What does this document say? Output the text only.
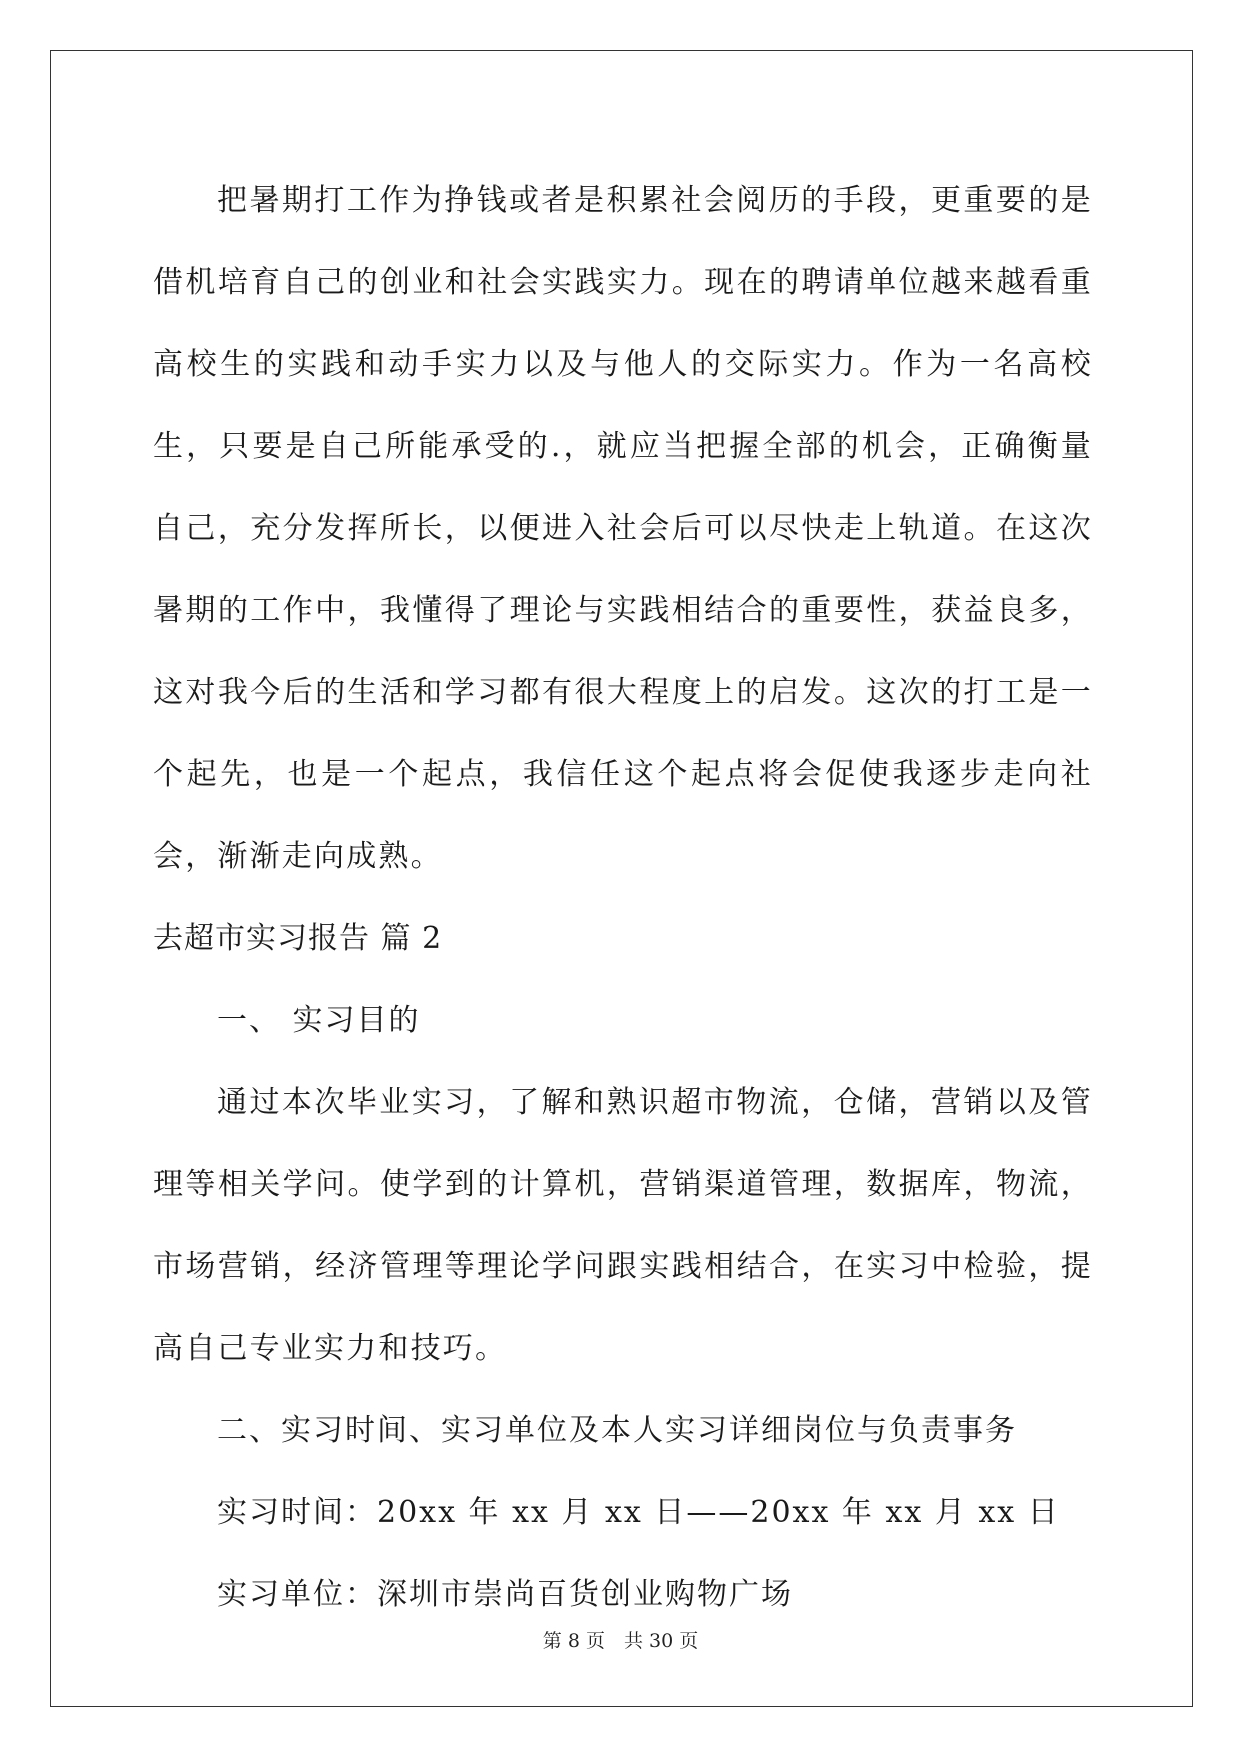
把暑期打工作为挣钱或者是积累社会阅历的手段，更重要的是借机培育自己的创业和社会实践实力。现在的聘请单位越来越看重高校生的实践和动手实力以及与他人的交际实力。作为一名高校生，只要是自己所能承受的.，就应当把握全部的机会，正确衡量自己，充分发挥所长，以便进入社会后可以尽快走上轨道。在这次暑期的工作中，我懂得了理论与实践相结合的重要性，获益良多，这对我今后的生活和学习都有很大程度上的启发。这次的打工是一个起先，也是一个起点，我信任这个起点将会促使我逐步走向社会，渐渐走向成熟。

去超市实习报告 篇 2

一、 实习目的

通过本次毕业实习，了解和熟识超市物流，仓储，营销以及管理等相关学问。使学到的计算机，营销渠道管理，数据库，物流，市场营销，经济管理等理论学问跟实践相结合，在实习中检验，提高自己专业实力和技巧。

二、实习时间、实习单位及本人实习详细岗位与负责事务

实习时间：20xx 年 xx 月 xx 日——20xx 年 xx 月 xx 日

实习单位：深圳市崇尚百货创业购物广场

第 8 页　共 30 页
